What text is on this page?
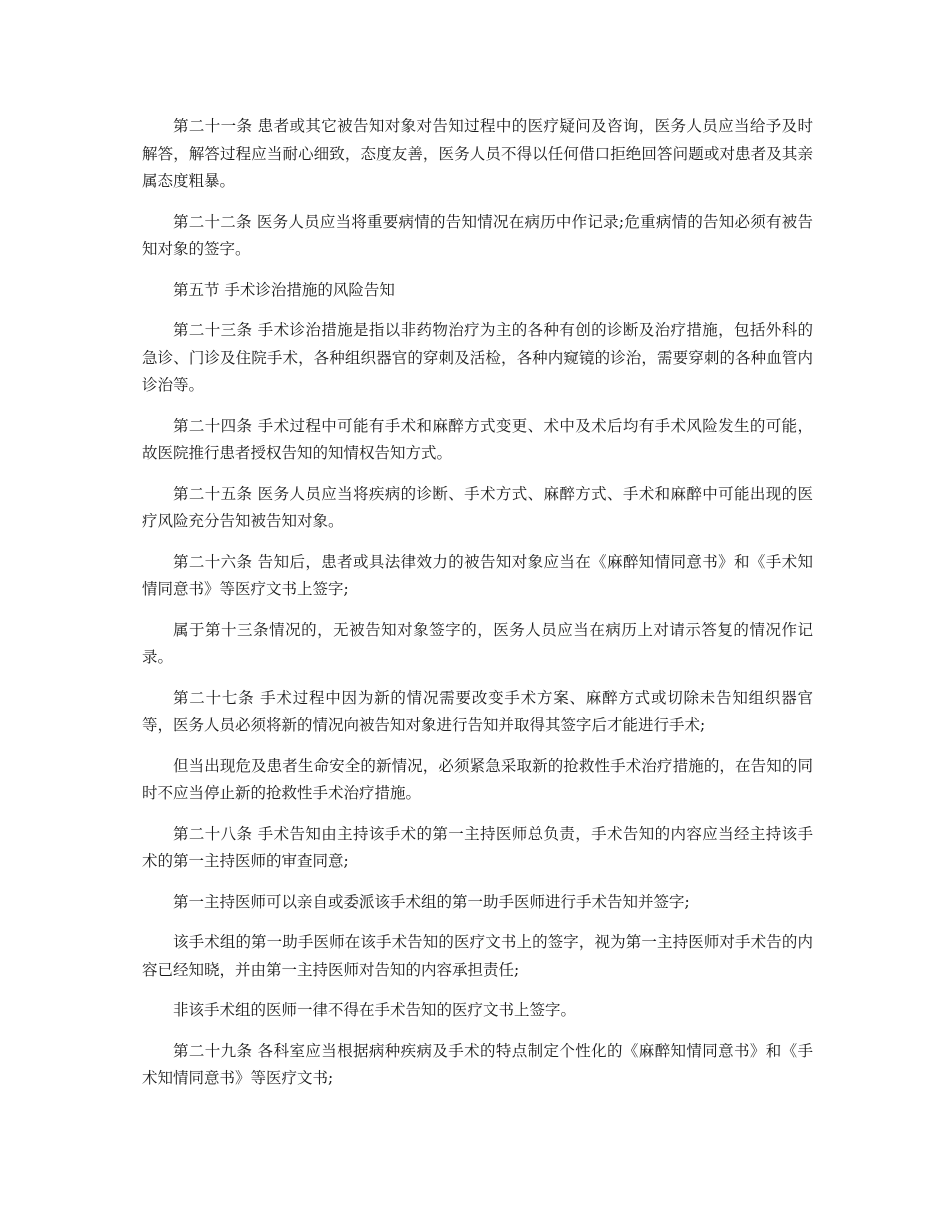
第二十一条 患者或其它被告知对象对告知过程中的医疗疑问及咨询，医务人员应当给予及时解答，解答过程应当耐心细致，态度友善，医务人员不得以任何借口拒绝回答问题或对患者及其亲属态度粗暴。

第二十二条 医务人员应当将重要病情的告知情况在病历中作记录;危重病情的告知必须有被告知对象的签字。

第五节 手术诊治措施的风险告知

第二十三条 手术诊治措施是指以非药物治疗为主的各种有创的诊断及治疗措施，包括外科的急诊、门诊及住院手术，各种组织器官的穿刺及活检，各种内窥镜的诊治，需要穿刺的各种血管内诊治等。

第二十四条 手术过程中可能有手术和麻醉方式变更、术中及术后均有手术风险发生的可能，故医院推行患者授权告知的知情权告知方式。

第二十五条 医务人员应当将疾病的诊断、手术方式、麻醉方式、手术和麻醉中可能出现的医疗风险充分告知被告知对象。

第二十六条 告知后，患者或具法律效力的被告知对象应当在《麻醉知情同意书》和《手术知情同意书》等医疗文书上签字;

属于第十三条情况的，无被告知对象签字的，医务人员应当在病历上对请示答复的情况作记录。

第二十七条 手术过程中因为新的情况需要改变手术方案、麻醉方式或切除未告知组织器官等，医务人员必须将新的情况向被告知对象进行告知并取得其签字后才能进行手术;

但当出现危及患者生命安全的新情况，必须紧急采取新的抢救性手术治疗措施的，在告知的同时不应当停止新的抢救性手术治疗措施。

第二十八条 手术告知由主持该手术的第一主持医师总负责，手术告知的内容应当经主持该手术的第一主持医师的审查同意;

第一主持医师可以亲自或委派该手术组的第一助手医师进行手术告知并签字;

该手术组的第一助手医师在该手术告知的医疗文书上的签字，视为第一主持医师对手术告的内容已经知晓，并由第一主持医师对告知的内容承担责任;

非该手术组的医师一律不得在手术告知的医疗文书上签字。

第二十九条 各科室应当根据病种疾病及手术的特点制定个性化的《麻醉知情同意书》和《手术知情同意书》等医疗文书;
